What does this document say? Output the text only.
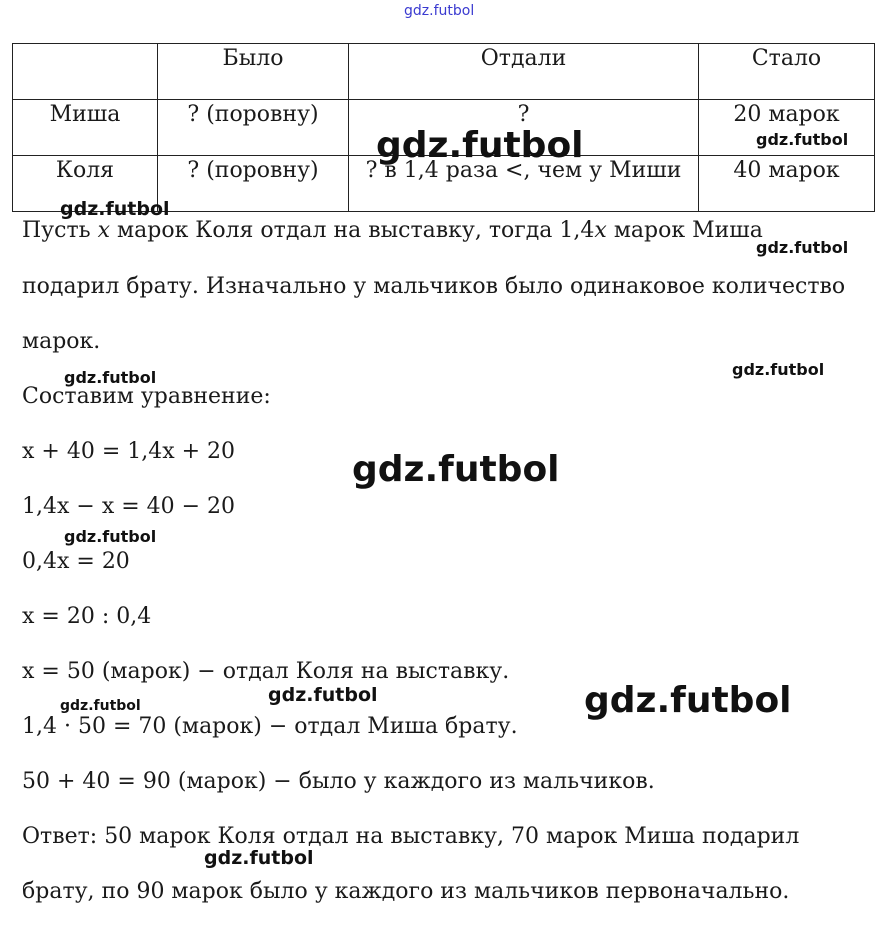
gdz.futbol
	Было	Отдали	Стало
Миша	? (поровну)	?	20 марок
Коля	? (поровну)	? в 1,4 раза <, чем у Миши	40 марок
Пусть x марок Коля отдал на выставку, тогда 1,4x марок Миша
подарил брату. Изначально у мальчиков было одинаковое количество
марок.
Составим уравнение:
x + 40 = 1,4x + 20
1,4x − x = 40 − 20
0,4x = 20
x = 20 : 0,4
x = 50 (марок) − отдал Коля на выставку.
1,4 · 50 = 70 (марок) − отдал Миша брату.
50 + 40 = 90 (марок) − было у каждого из мальчиков.
Ответ: 50 марок Коля отдал на выставку, 70 марок Миша подарил
брату, по 90 марок было у каждого из мальчиков первоначально.
gdz.futbol	gdz.futbol
gdz.futbol
gdz.futbol
gdz.futbol
gdz.futbol
gdz.futbol
gdz.futbol
gdz.futbol
gdz.futbol
gdz.futbol
gdz.futbol
